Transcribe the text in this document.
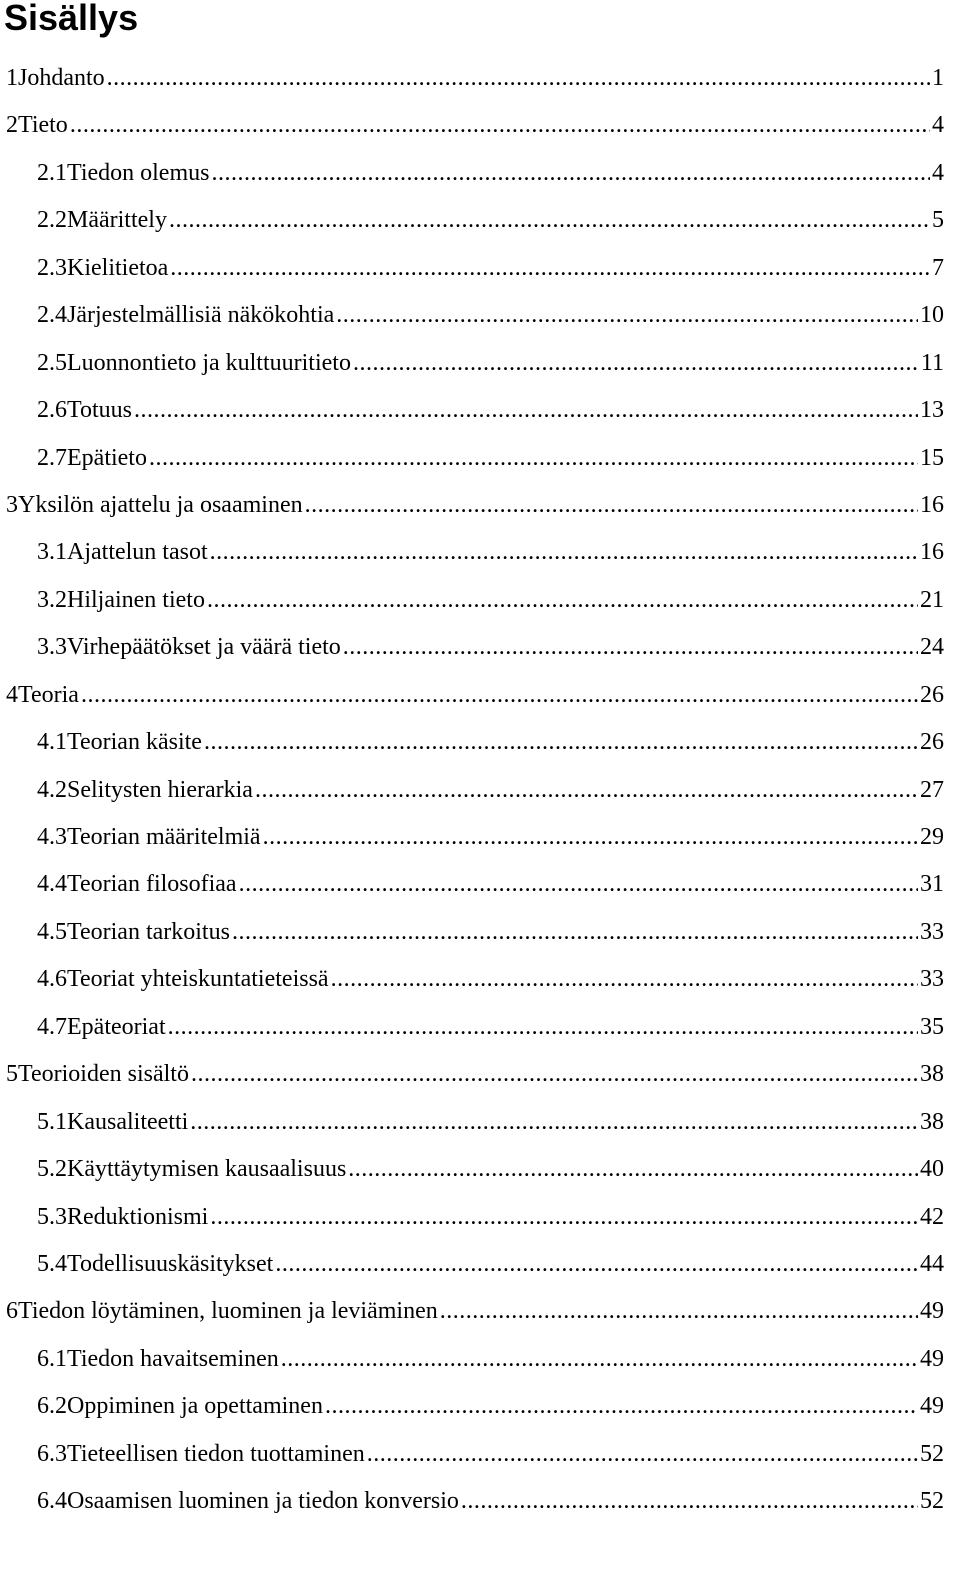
Sisällys
1 Johdanto .....	1
2 Tieto .....	4
2.1 Tiedon olemus .....	4
2.2 Määrittely .....	5
2.3 Kielitietoa .....	7
2.4 Järjestelmällisiä näkökohtia .....	10
2.5 Luonnontieto ja kulttuuritieto .....	11
2.6 Totuus .....	13
2.7 Epätieto .....	15
3 Yksilön ajattelu ja osaaminen .....	16
3.1 Ajattelun tasot .....	16
3.2 Hiljainen tieto .....	21
3.3 Virhepäätökset ja väärä tieto .....	24
4 Teoria .....	26
4.1 Teorian käsite .....	26
4.2 Selitysten hierarkia .....	27
4.3 Teorian määritelmiä .....	29
4.4 Teorian filosofiaa .....	31
4.5 Teorian tarkoitus .....	33
4.6 Teoriat yhteiskuntatieteissä .....	33
4.7 Epäteoriat .....	35
5 Teorioiden sisältö .....	38
5.1 Kausaliteetti .....	38
5.2 Käyttäytymisen kausaalisuus .....	40
5.3 Reduktionismi .....	42
5.4 Todellisuuskäsitykset .....	44
6 Tiedon löytäminen, luominen ja leviäminen .....	49
6.1 Tiedon havaitseminen .....	49
6.2 Oppiminen ja opettaminen .....	49
6.3 Tieteellisen tiedon tuottaminen .....	52
6.4 Osaamisen luominen ja tiedon konversio .....	52
